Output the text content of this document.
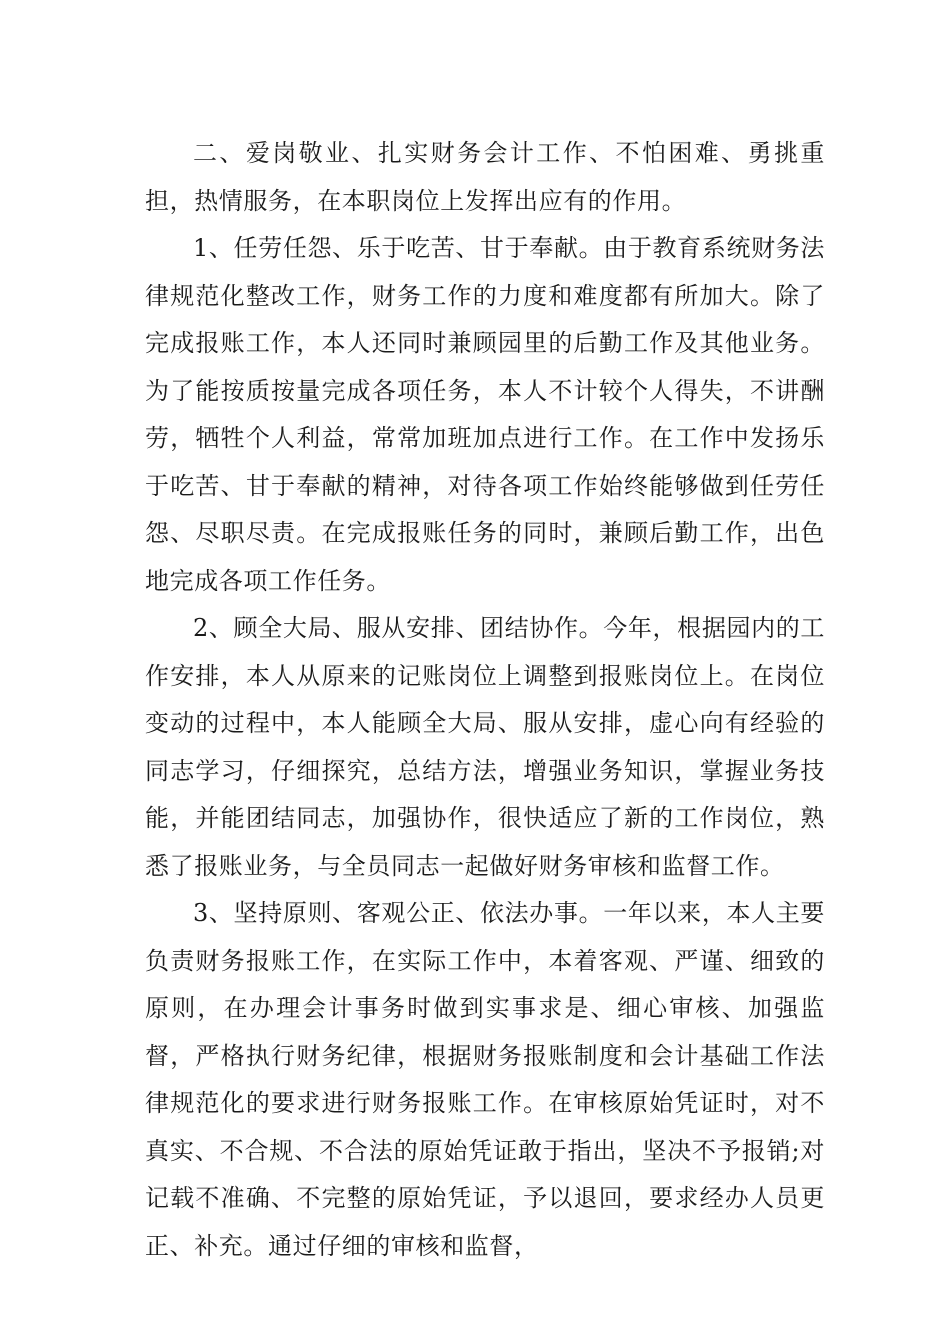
二、爱岗敬业、扎实财务会计工作、不怕困难、勇挑重担，热情服务，在本职岗位上发挥出应有的作用。

1、任劳任怨、乐于吃苦、甘于奉献。由于教育系统财务法律规范化整改工作，财务工作的力度和难度都有所加大。除了完成报账工作，本人还同时兼顾园里的后勤工作及其他业务。为了能按质按量完成各项任务，本人不计较个人得失，不讲酬劳，牺牲个人利益，常常加班加点进行工作。在工作中发扬乐于吃苦、甘于奉献的精神，对待各项工作始终能够做到任劳任怨、尽职尽责。在完成报账任务的同时，兼顾后勤工作，出色地完成各项工作任务。

2、顾全大局、服从安排、团结协作。今年，根据园内的工作安排，本人从原来的记账岗位上调整到报账岗位上。在岗位变动的过程中，本人能顾全大局、服从安排，虚心向有经验的同志学习，仔细探究，总结方法，增强业务知识，掌握业务技能，并能团结同志，加强协作，很快适应了新的工作岗位，熟悉了报账业务，与全员同志一起做好财务审核和监督工作。

3、坚持原则、客观公正、依法办事。一年以来，本人主要负责财务报账工作，在实际工作中，本着客观、严谨、细致的原则，在办理会计事务时做到实事求是、细心审核、加强监督，严格执行财务纪律，根据财务报账制度和会计基础工作法律规范化的要求进行财务报账工作。在审核原始凭证时，对不真实、不合规、不合法的原始凭证敢于指出，坚决不予报销;对记载不准确、不完整的原始凭证，予以退回，要求经办人员更正、补充。通过仔细的审核和监督，
